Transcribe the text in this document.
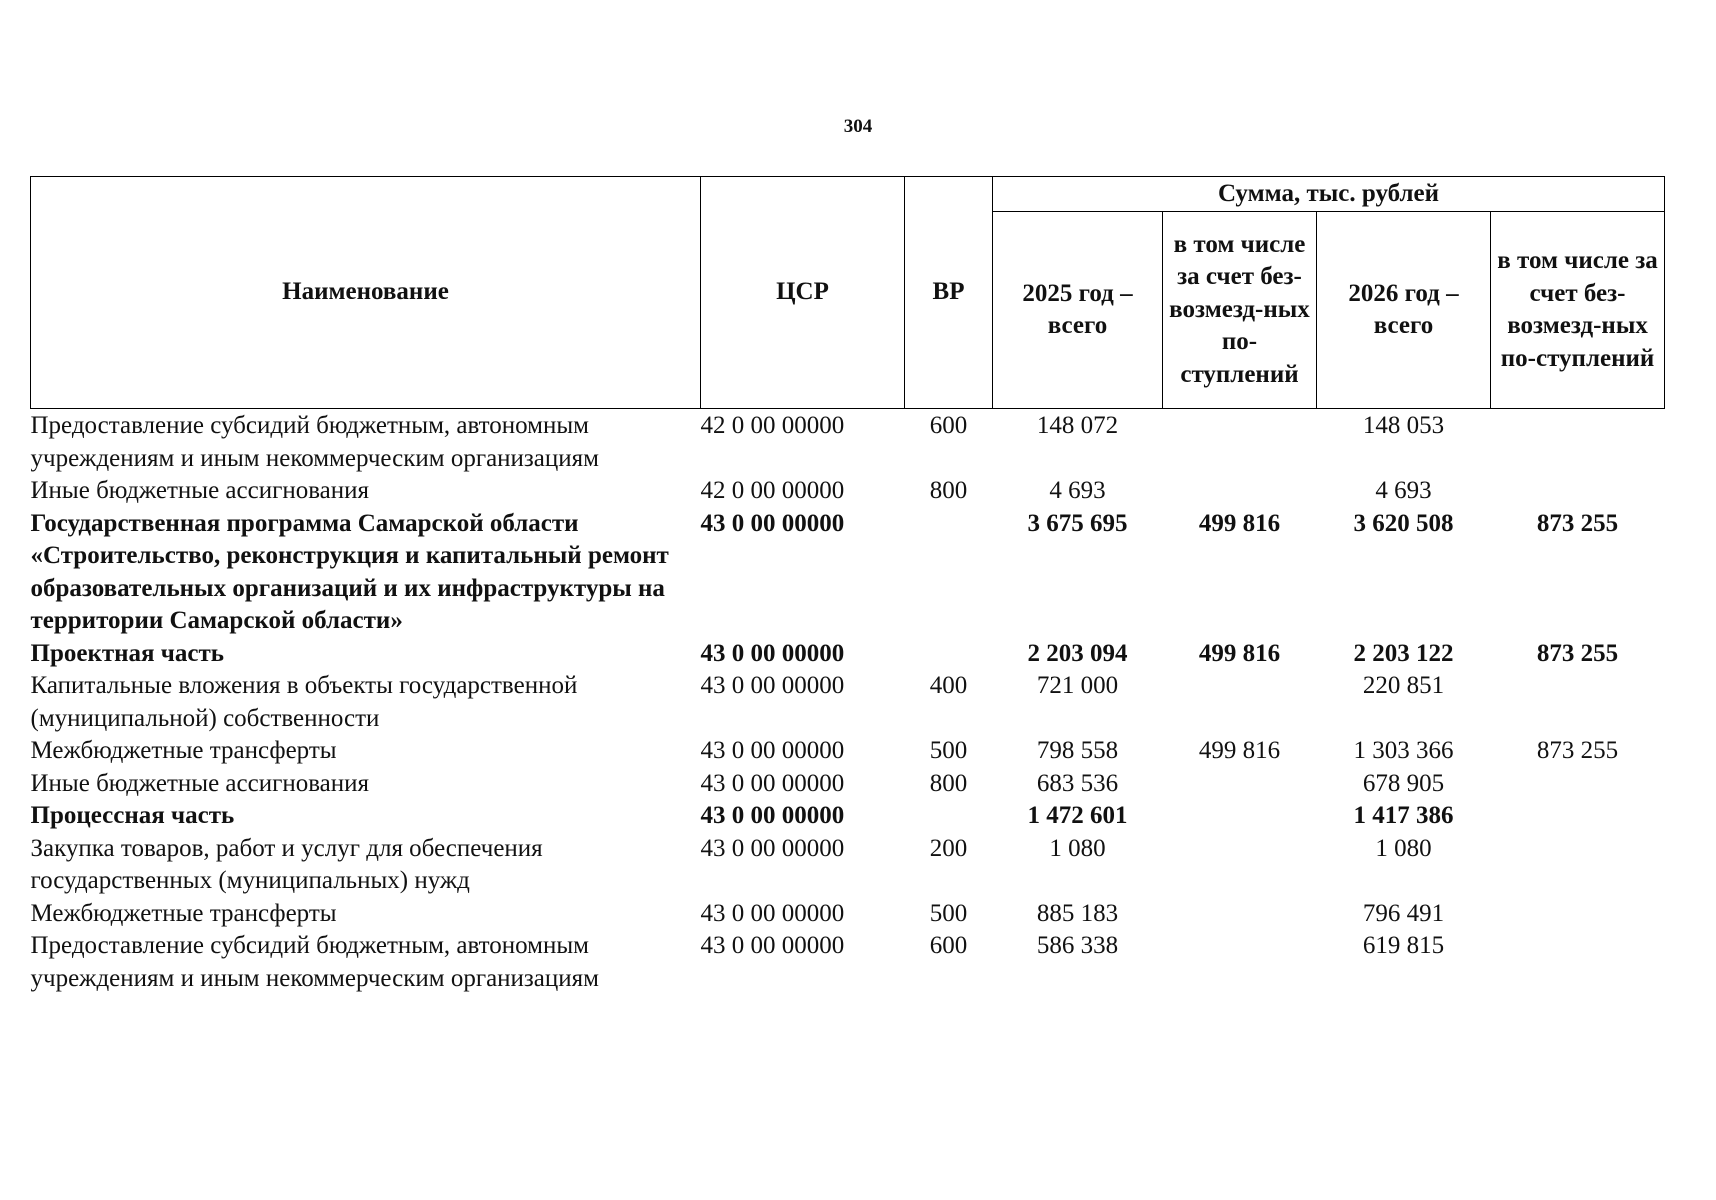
304
Наименование	ЦСР	ВР	Сумма, тыс. рублей			
			2025 год – всего	в том числе за счет без-возмезд-ных по-ступлений	2026 год – всего	в том числе за счет без-возмезд-ных по-ступлений
Предоставление субсидий бюджетным, автономным учреждениям и иным некоммерческим организациям	42 0 00 00000	600	148 072		148 053	
Иные бюджетные ассигнования	42 0 00 00000	800	4 693		4 693	
Государственная программа Самарской области «Строительство, реконструкция и капитальный ремонт образовательных организаций и их инфраструктуры на территории Самарской области»	43 0 00 00000		3 675 695	499 816	3 620 508	873 255
Проектная часть	43 0 00 00000		2 203 094	499 816	2 203 122	873 255
Капитальные вложения в объекты государственной (муниципальной) собственности	43 0 00 00000	400	721 000		220 851	
Межбюджетные трансферты	43 0 00 00000	500	798 558	499 816	1 303 366	873 255
Иные бюджетные ассигнования	43 0 00 00000	800	683 536		678 905	
Процессная часть	43 0 00 00000		1 472 601		1 417 386	
Закупка товаров, работ и услуг для обеспечения государственных (муниципальных) нужд	43 0 00 00000	200	1 080		1 080	
Межбюджетные трансферты	43 0 00 00000	500	885 183		796 491	
Предоставление субсидий бюджетным, автономным учреждениям и иным некоммерческим организациям	43 0 00 00000	600	586 338		619 815	
